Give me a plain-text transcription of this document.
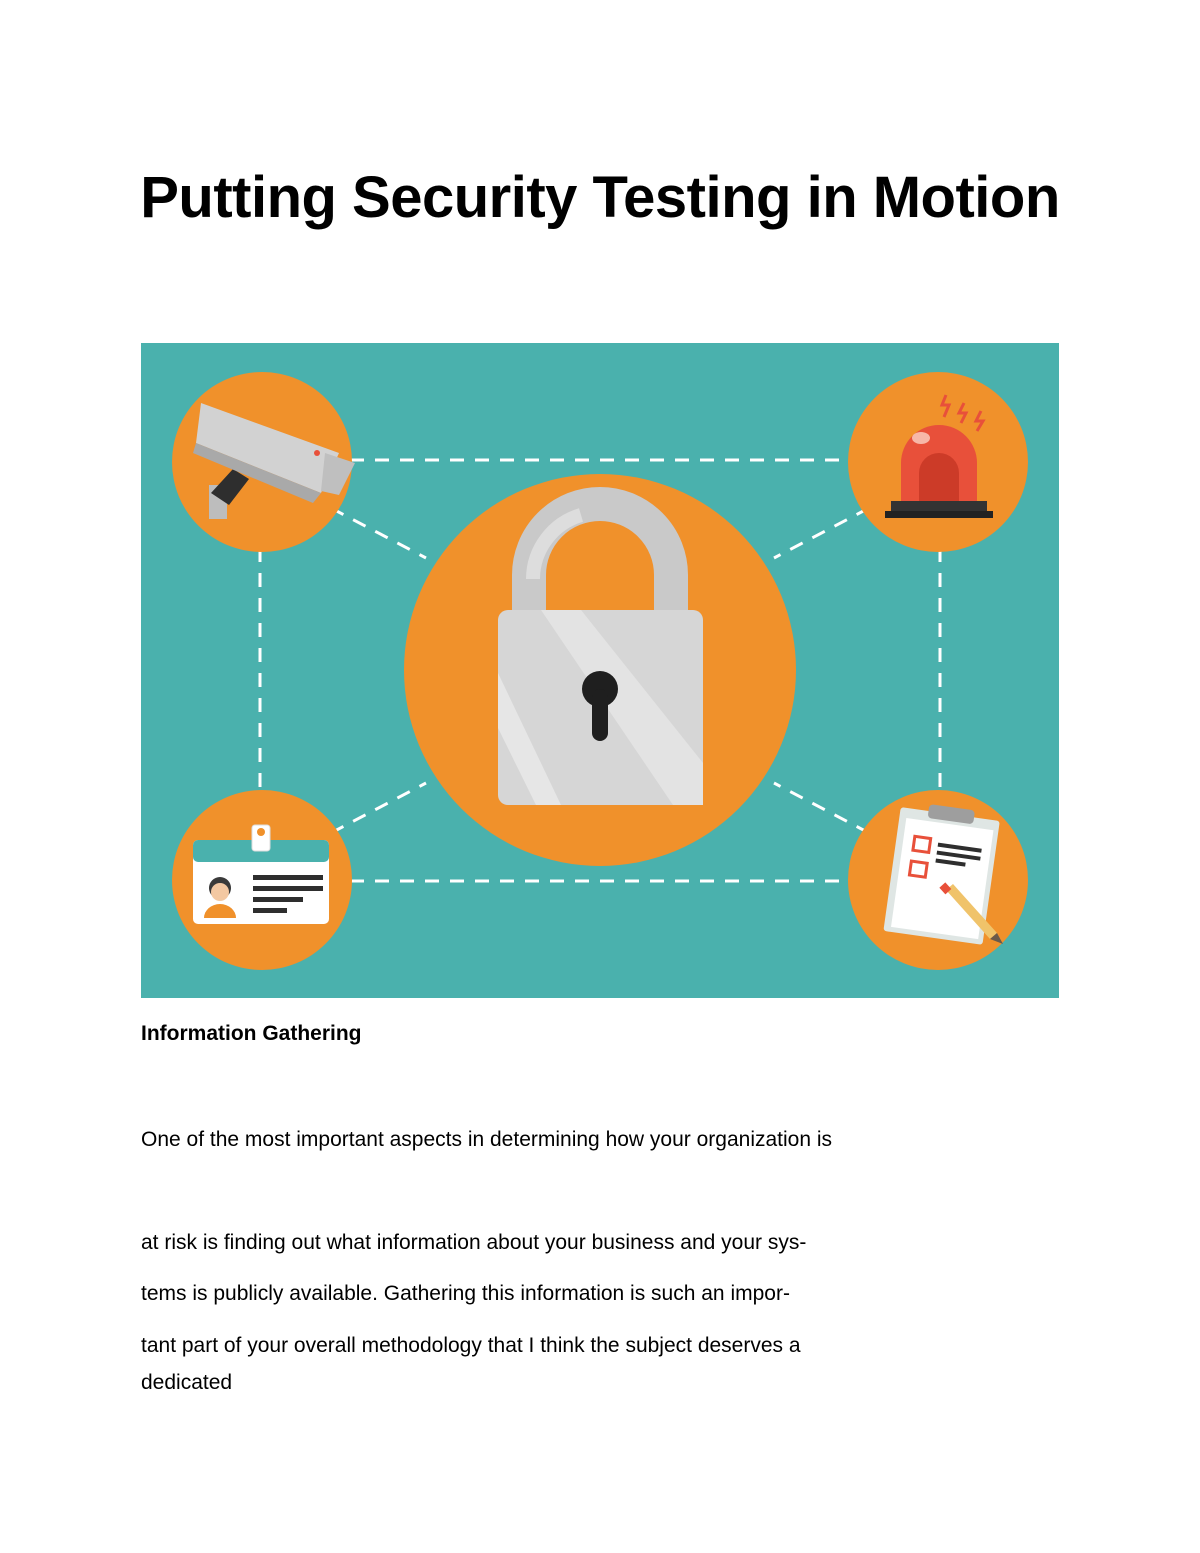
Putting Security Testing in Motion
Information Gathering

One of the most important aspects in determining how your organization is

at risk is finding out what information about your business and your sys-

tems is publicly available. Gathering this information is such an impor-

tant part of your overall methodology that I think the subject deserves a

dedicated
